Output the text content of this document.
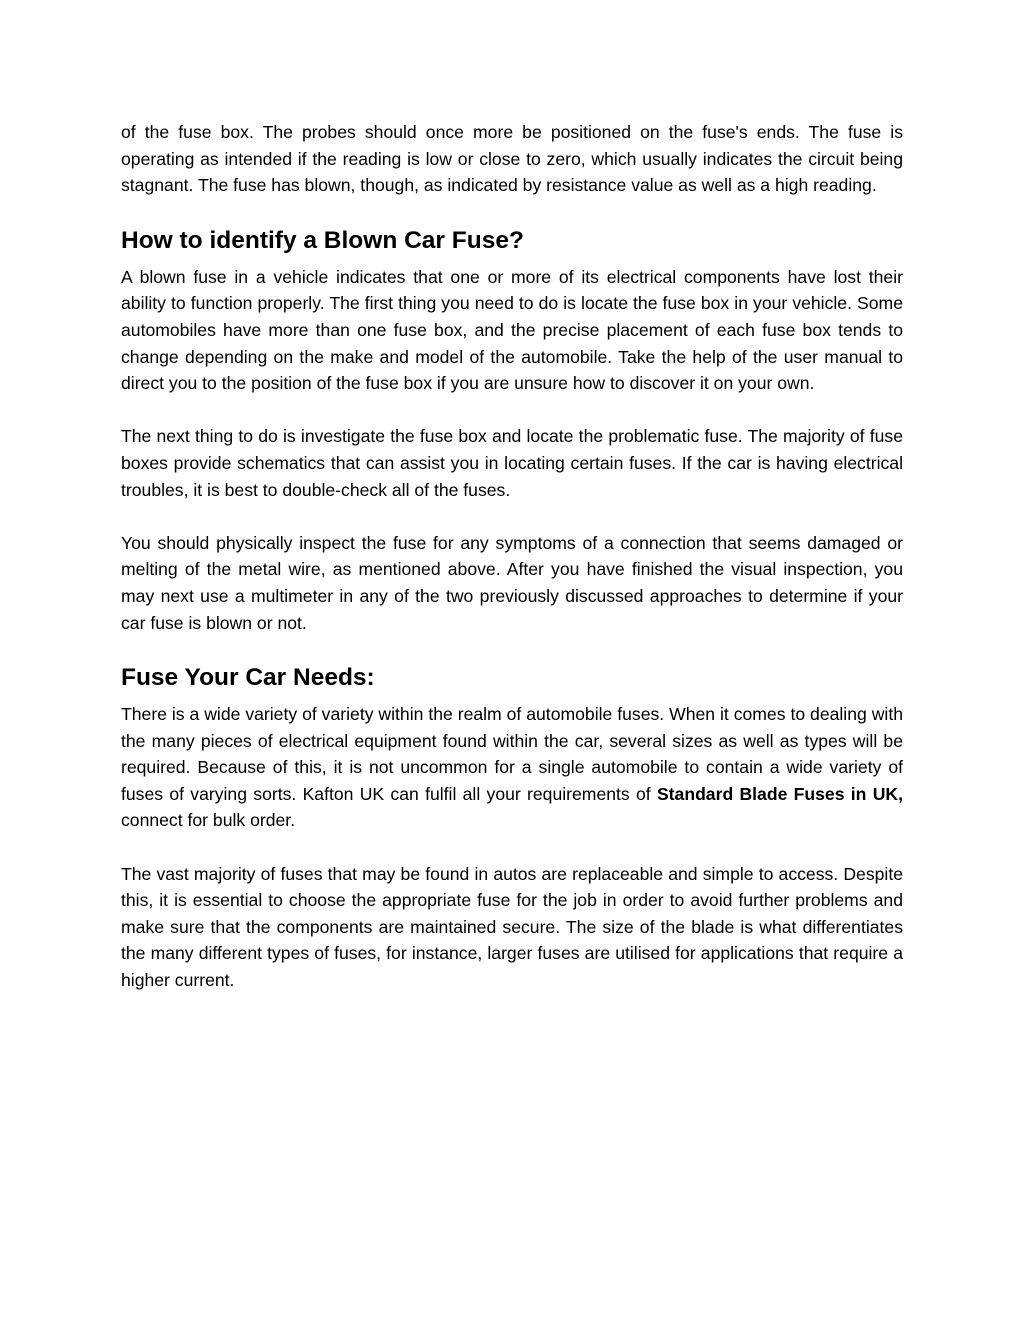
of the fuse box. The probes should once more be positioned on the fuse's ends. The fuse is operating as intended if the reading is low or close to zero, which usually indicates the circuit being stagnant. The fuse has blown, though, as indicated by resistance value as well as a high reading.

How to identify a Blown Car Fuse?

A blown fuse in a vehicle indicates that one or more of its electrical components have lost their ability to function properly. The first thing you need to do is locate the fuse box in your vehicle. Some automobiles have more than one fuse box, and the precise placement of each fuse box tends to change depending on the make and model of the automobile. Take the help of the user manual to direct you to the position of the fuse box if you are unsure how to discover it on your own.

The next thing to do is investigate the fuse box and locate the problematic fuse. The majority of fuse boxes provide schematics that can assist you in locating certain fuses. If the car is having electrical troubles, it is best to double-check all of the fuses.

You should physically inspect the fuse for any symptoms of a connection that seems damaged or melting of the metal wire, as mentioned above. After you have finished the visual inspection, you may next use a multimeter in any of the two previously discussed approaches to determine if your car fuse is blown or not.

Fuse Your Car Needs:

There is a wide variety of variety within the realm of automobile fuses. When it comes to dealing with the many pieces of electrical equipment found within the car, several sizes as well as types will be required. Because of this, it is not uncommon for a single automobile to contain a wide variety of fuses of varying sorts. Kafton UK can fulfil all your requirements of Standard Blade Fuses in UK, connect for bulk order.

The vast majority of fuses that may be found in autos are replaceable and simple to access. Despite this, it is essential to choose the appropriate fuse for the job in order to avoid further problems and make sure that the components are maintained secure. The size of the blade is what differentiates the many different types of fuses, for instance, larger fuses are utilised for applications that require a higher current.
